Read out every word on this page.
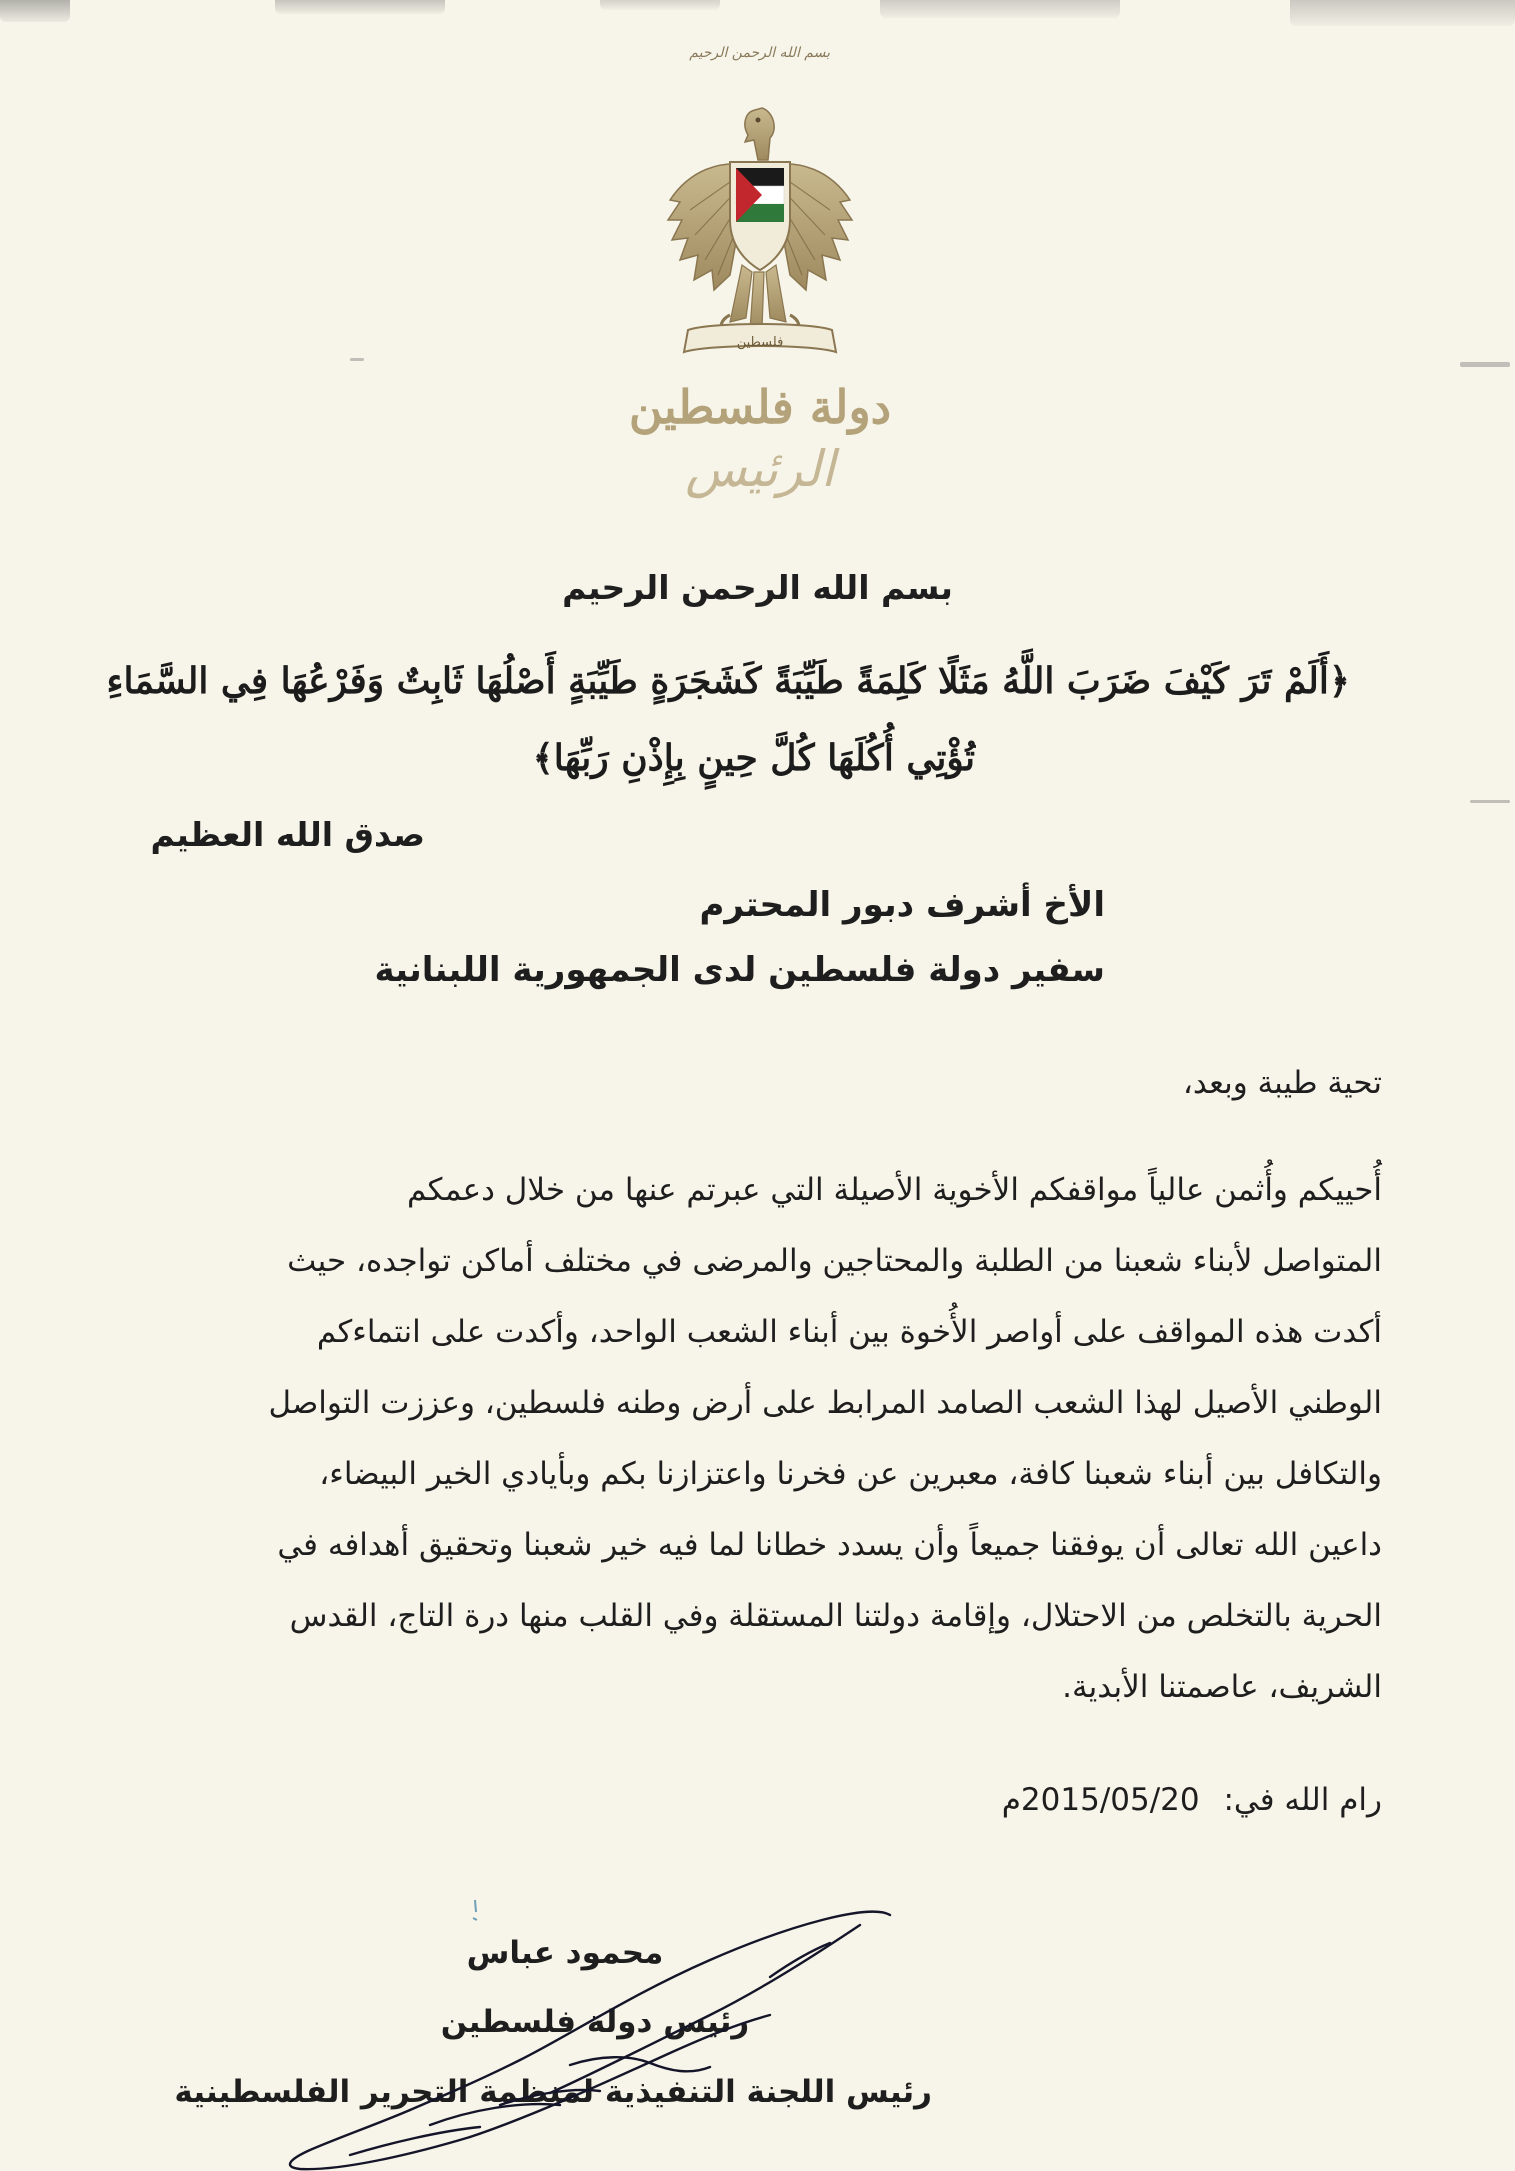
بسم الله الرحمن الرحيم
فلسطين
دولة فلسطين
الرئيس
بسم الله الرحمن الرحيم
﴿أَلَمْ تَرَ كَيْفَ ضَرَبَ اللَّهُ مَثَلًا كَلِمَةً طَيِّبَةً كَشَجَرَةٍ طَيِّبَةٍ أَصْلُهَا ثَابِتٌ وَفَرْعُهَا فِي السَّمَاءِ
تُؤْتِي أُكُلَهَا كُلَّ حِينٍ بِإِذْنِ رَبِّهَا﴾
صدق الله العظيم
الأخ أشرف دبور المحترم
سفير دولة فلسطين لدى الجمهورية اللبنانية
تحية طيبة وبعد،

أُحييكم وأُثمن عالياً مواقفكم الأخوية الأصيلة التي عبرتم عنها من خلال دعمكم

المتواصل لأبناء شعبنا من الطلبة والمحتاجين والمرضى في مختلف أماكن تواجده، حيث

أكدت هذه المواقف على أواصر الأُخوة بين أبناء الشعب الواحد، وأكدت على انتماءكم

الوطني الأصيل لهذا الشعب الصامد المرابط على أرض وطنه فلسطين، وعززت التواصل

والتكافل بين أبناء شعبنا كافة، معبرين عن فخرنا واعتزازنا بكم وبأيادي الخير البيضاء،

داعين الله تعالى أن يوفقنا جميعاً وأن يسدد خطانا لما فيه خير شعبنا وتحقيق أهدافه في

الحرية بالتخلص من الاحتلال، وإقامة دولتنا المستقلة وفي القلب منها درة التاج، القدس

الشريف، عاصمتنا الأبدية.

رام الله في: 2015/05/20م
محمود عباس
رئيس دولة فلسطين
رئيس اللجنة التنفيذية لمنظمة التحرير الفلسطينية
